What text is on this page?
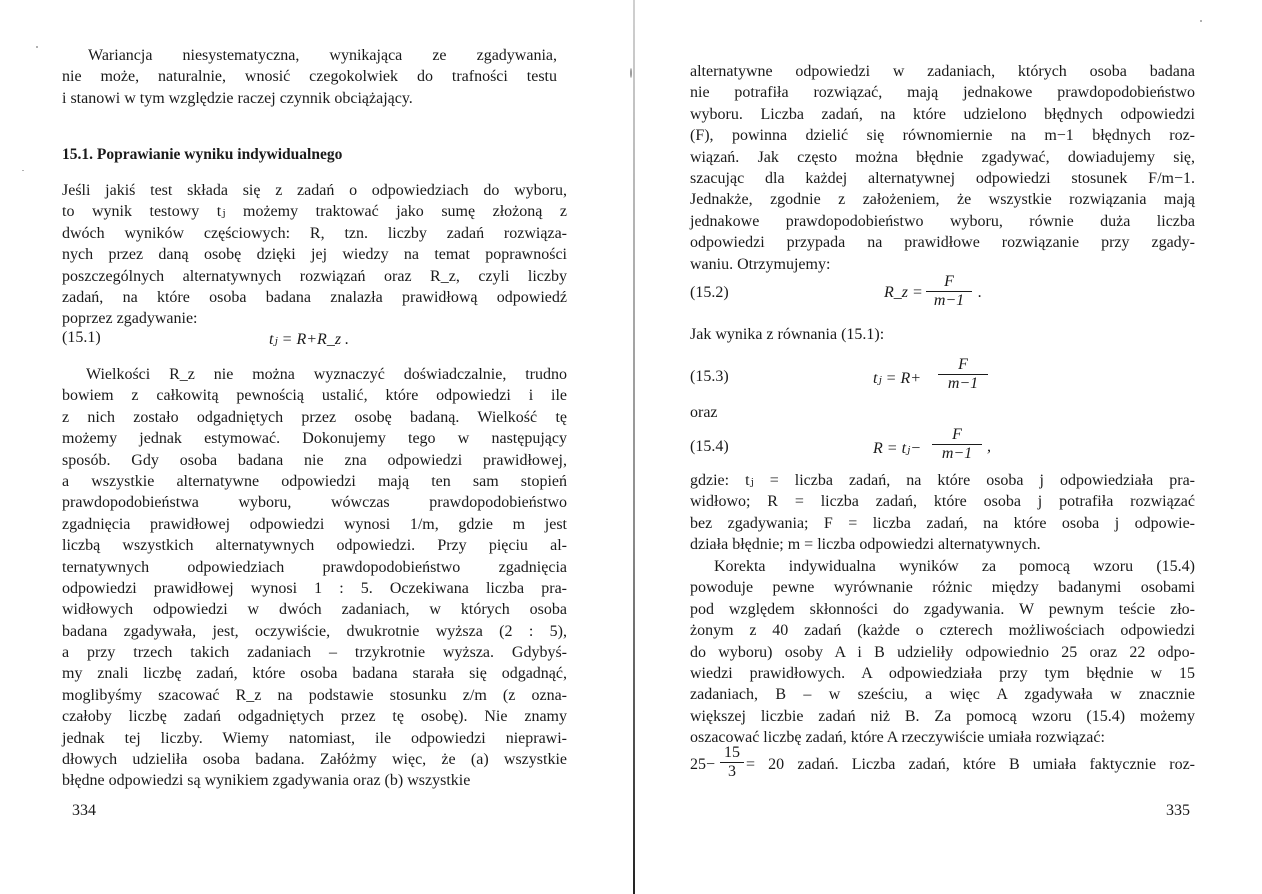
Wariancja niesystematyczna, wynikająca ze zgadywania,
nie może, naturalnie, wnosić czegokolwiek do trafności testu
i stanowi w tym względzie raczej czynnik obciążający.
15.1. Poprawianie wyniku indywidualnego
Jeśli jakiś test składa się z zadań o odpowiedziach do wyboru,
to wynik testowy tⱼ możemy traktować jako sumę złożoną z
dwóch wyników częściowych: R, tzn. liczby zadań rozwiąza-
nych przez daną osobę dzięki jej wiedzy na temat poprawności
poszczególnych alternatywnych rozwiązań oraz R_z, czyli liczby
zadań, na które osoba badana znalazła prawidłową odpowiedź
poprzez zgadywanie:
(15.1)	tⱼ = R+R_z .
Wielkości R_z nie można wyznaczyć doświadczalnie, trudno
bowiem z całkowitą pewnością ustalić, które odpowiedzi i ile
z nich zostało odgadniętych przez osobę badaną. Wielkość tę
możemy jednak estymować. Dokonujemy tego w następujący
sposób. Gdy osoba badana nie zna odpowiedzi prawidłowej,
a wszystkie alternatywne odpowiedzi mają ten sam stopień
prawdopodobieństwa wyboru, wówczas prawdopodobieństwo
zgadnięcia prawidłowej odpowiedzi wynosi 1/m, gdzie m jest
liczbą wszystkich alternatywnych odpowiedzi. Przy pięciu al-
ternatywnych odpowiedziach prawdopodobieństwo zgadnięcia
odpowiedzi prawidłowej wynosi 1 : 5. Oczekiwana liczba pra-
widłowych odpowiedzi w dwóch zadaniach, w których osoba
badana zgadywała, jest, oczywiście, dwukrotnie wyższa (2 : 5),
a przy trzech takich zadaniach – trzykrotnie wyższa. Gdybyś-
my znali liczbę zadań, które osoba badana starała się odgadnąć,
moglibyśmy szacować R_z na podstawie stosunku z/m (z ozna-
czałoby liczbę zadań odgadniętych przez tę osobę). Nie znamy
jednak tej liczby. Wiemy natomiast, ile odpowiedzi nieprawi-
dłowych udzieliła osoba badana. Załóżmy więc, że (a) wszystkie
błędne odpowiedzi są wynikiem zgadywania oraz (b) wszystkie
334
alternatywne odpowiedzi w zadaniach, których osoba badana
nie potrafiła rozwiązać, mają jednakowe prawdopodobieństwo
wyboru. Liczba zadań, na które udzielono błędnych odpowiedzi
(F), powinna dzielić się równomiernie na m−1 błędnych roz-
wiązań. Jak często można błędnie zgadywać, dowiadujemy się,
szacując dla każdej alternatywnej odpowiedzi stosunek F/m−1.
Jednakże, zgodnie z założeniem, że wszystkie rozwiązania mają
jednakowe prawdopodobieństwo wyboru, równie duża liczba
odpowiedzi przypada na prawidłowe rozwiązanie przy zgady-
waniu. Otrzymujemy:
(15.2)	R_z = $\frac{F}{m-1}$ .
Jak wynika z równania (15.1):
(15.3)	tⱼ = $R+ \frac{F}{m-1}$
oraz
(15.4)	R = tⱼ− $\frac{F}{m-1}$ ,
gdzie: tⱼ = liczba zadań, na które osoba j odpowiedziała pra-
widłowo; R = liczba zadań, które osoba j potrafiła rozwiązać
bez zgadywania; F = liczba zadań, na które osoba j odpowie-
działa błędnie; m = liczba odpowiedzi alternatywnych.
Korekta indywidualna wyników za pomocą wzoru (15.4)
powoduje pewne wyrównanie różnic między badanymi osobami
pod względem skłonności do zgadywania. W pewnym teście zło-
żonym z 40 zadań (każde o czterech możliwościach odpowiedzi
do wyboru) osoby A i B udzieliły odpowiednio 25 oraz 22 odpo-
wiedzi prawidłowych. A odpowiedziała przy tym błędnie w 15
zadaniach, B – w sześciu, a więc A zgadywała w znacznie
większej liczbie zadań niż B. Za pomocą wzoru (15.4) możemy
oszacować liczbę zadań, które A rzeczywiście umiała rozwiązać:
$25- \frac{15}{3} = 20$ zadań. Liczba zadań, które B umiała faktycznie roz-
335
